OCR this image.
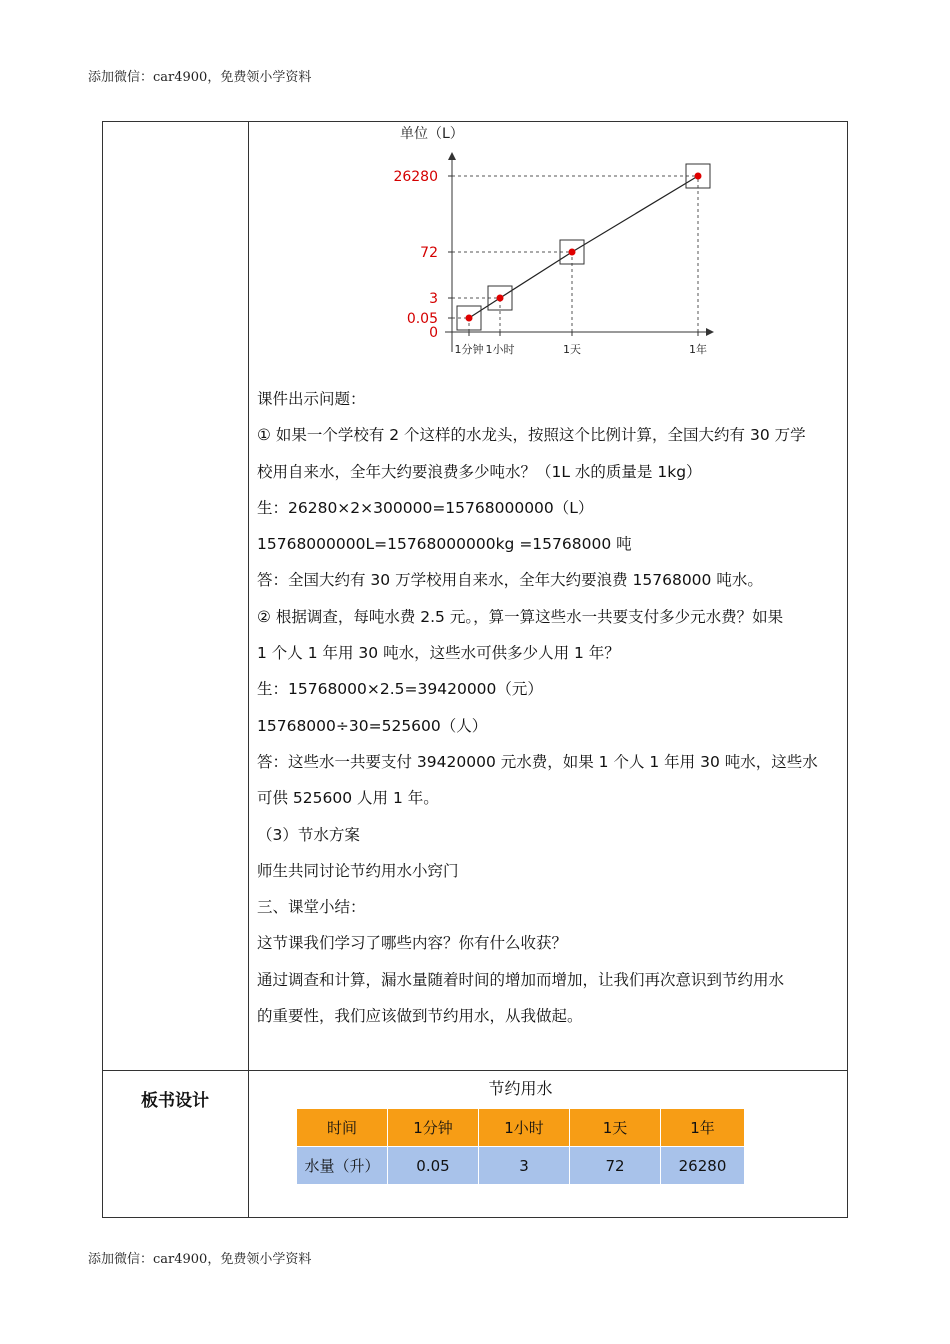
添加微信：car4900，免费领小学资料
单位（L）
0
0.05
3
72
26280
1分钟 1小时	1天	1年

课件出示问题：

① 如果一个学校有 2 个这样的水龙头，按照这个比例计算，全国大约有 30 万学

校用自来水，全年大约要浪费多少吨水？（1L 水的质量是 1kg）

生：26280×2×300000=15768000000（L）

15768000000L=15768000000kg =15768000 吨

答：全国大约有 30 万学校用自来水，全年大约要浪费 15768000 吨水。

② 根据调查，每吨水费 2.5 元。，算一算这些水一共要支付多少元水费？如果

1 个人 1 年用 30 吨水，这些水可供多少人用 1 年？

生：15768000×2.5=39420000（元）

15768000÷30=525600（人）

答：这些水一共要支付 39420000 元水费，如果 1 个人 1 年用 30 吨水，这些水

可供 525600 人用 1 年。

（3）节水方案

师生共同讨论节约用水小窍门

三、课堂小结：

这节课我们学习了哪些内容？你有什么收获？

通过调查和计算，漏水量随着时间的增加而增加，让我们再次意识到节约用水

的重要性，我们应该做到节约用水，从我做起。

板书设计
节约用水
时间	1分钟	1小时	1天	1年
水量（升）	0.05	3	72	26280
添加微信：car4900，免费领小学资料
